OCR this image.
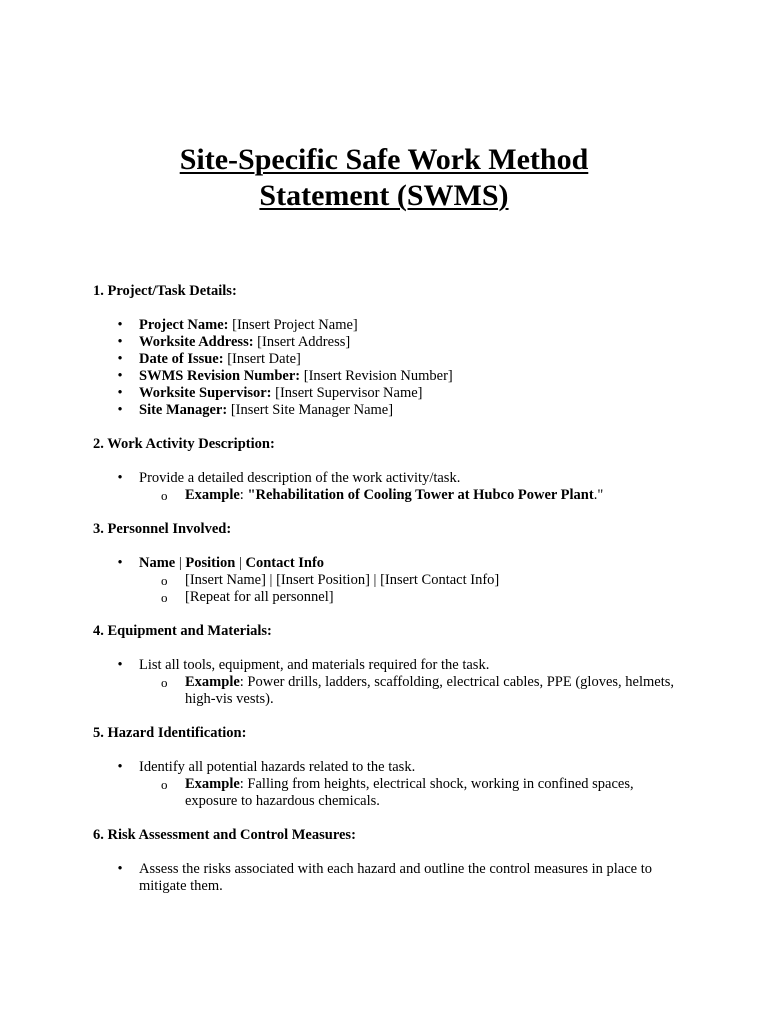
Site-Specific Safe Work Method
Statement (SWMS)

1. Project/Task Details:

• Project Name: [Insert Project Name]
• Worksite Address: [Insert Address]
• Date of Issue: [Insert Date]
• SWMS Revision Number: [Insert Revision Number]
• Worksite Supervisor: [Insert Supervisor Name]
• Site Manager: [Insert Site Manager Name]

2. Work Activity Description:

• Provide a detailed description of the work activity/task.
o Example: "Rehabilitation of Cooling Tower at Hubco Power Plant."

3. Personnel Involved:

• Name | Position | Contact Info
o [Insert Name] | [Insert Position] | [Insert Contact Info]
o [Repeat for all personnel]

4. Equipment and Materials:

• List all tools, equipment, and materials required for the task.
o Example: Power drills, ladders, scaffolding, electrical cables, PPE (gloves, helmets, high-vis vests).

5. Hazard Identification:

• Identify all potential hazards related to the task.
o Example: Falling from heights, electrical shock, working in confined spaces, exposure to hazardous chemicals.

6. Risk Assessment and Control Measures:

• Assess the risks associated with each hazard and outline the control measures in place to mitigate them.
